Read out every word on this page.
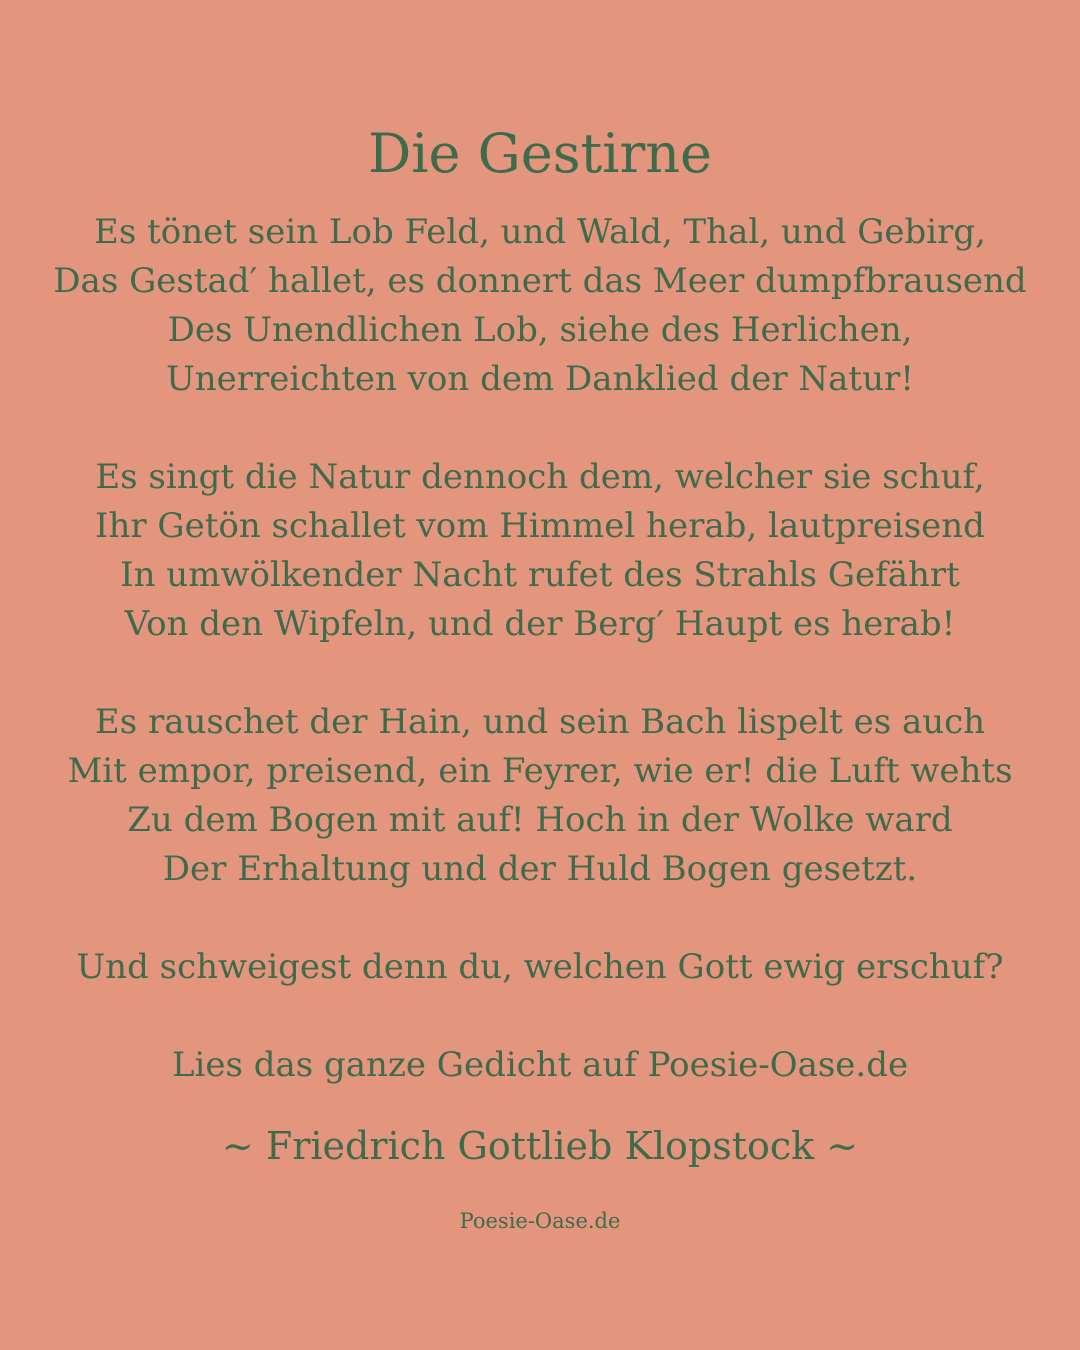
Die Gestirne
Es tönet sein Lob Feld, und Wald, Thal, und Gebirg,
Das Gestad′ hallet, es donnert das Meer dumpfbrausend
Des Unendlichen Lob, siehe des Herlichen,
Unerreichten von dem Danklied der Natur!
Es singt die Natur dennoch dem, welcher sie schuf,
Ihr Getön schallet vom Himmel herab, lautpreisend
In umwölkender Nacht rufet des Strahls Gefährt
Von den Wipfeln, und der Berg′ Haupt es herab!
Es rauschet der Hain, und sein Bach lispelt es auch
Mit empor, preisend, ein Feyrer, wie er! die Luft wehts
Zu dem Bogen mit auf! Hoch in der Wolke ward
Der Erhaltung und der Huld Bogen gesetzt.
Und schweigest denn du, welchen Gott ewig erschuf?
Lies das ganze Gedicht auf Poesie-Oase.de
~ Friedrich Gottlieb Klopstock ~
Poesie-Oase.de
